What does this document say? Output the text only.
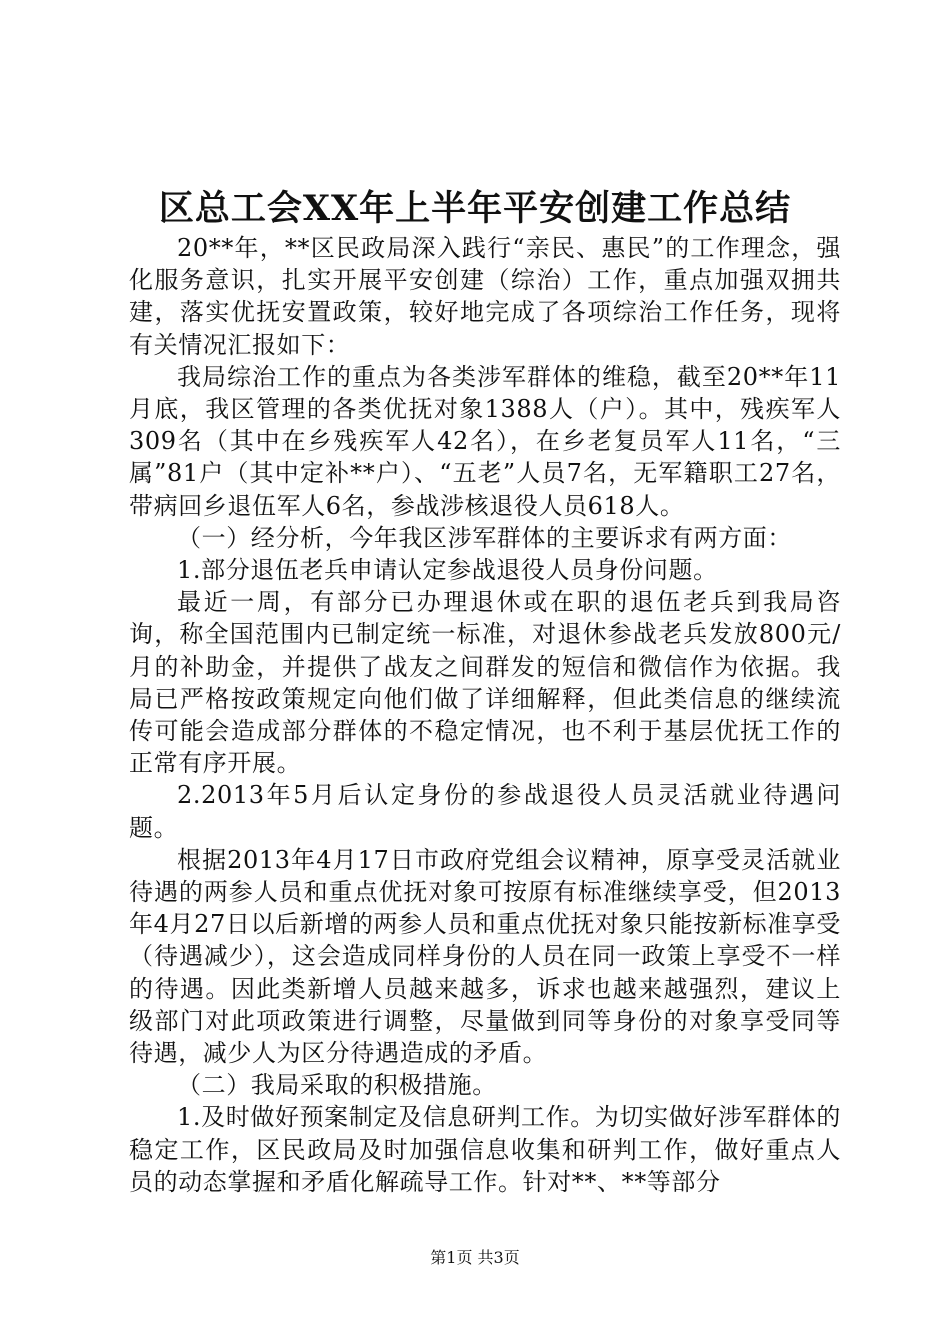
区总工会XX年上半年平安创建工作总结

20**年，**区民政局深入践行“亲民、惠民”的工作理念，强化服务意识，扎实开展平安创建（综治）工作，重点加强双拥共建，落实优抚安置政策，较好地完成了各项综治工作任务，现将有关情况汇报如下：

我局综治工作的重点为各类涉军群体的维稳，截至20**年11月底，我区管理的各类优抚对象1388人（户）。其中，残疾军人309名（其中在乡残疾军人42名），在乡老复员军人11名，“三属”81户（其中定补**户）、“五老”人员7名，无军籍职工27名，带病回乡退伍军人6名，参战涉核退役人员618人。

（一）经分析，今年我区涉军群体的主要诉求有两方面：

1.部分退伍老兵申请认定参战退役人员身份问题。

最近一周，有部分已办理退休或在职的退伍老兵到我局咨询，称全国范围内已制定统一标准，对退休参战老兵发放800元/月的补助金，并提供了战友之间群发的短信和微信作为依据。我局已严格按政策规定向他们做了详细解释，但此类信息的继续流传可能会造成部分群体的不稳定情况，也不利于基层优抚工作的正常有序开展。

2.2013年5月后认定身份的参战退役人员灵活就业待遇问题。

根据2013年4月17日市政府党组会议精神，原享受灵活就业待遇的两参人员和重点优抚对象可按原有标准继续享受，但2013年4月27日以后新增的两参人员和重点优抚对象只能按新标准享受（待遇减少），这会造成同样身份的人员在同一政策上享受不一样的待遇。因此类新增人员越来越多，诉求也越来越强烈，建议上级部门对此项政策进行调整，尽量做到同等身份的对象享受同等待遇，减少人为区分待遇造成的矛盾。

（二）我局采取的积极措施。

1.及时做好预案制定及信息研判工作。为切实做好涉军群体的稳定工作，区民政局及时加强信息收集和研判工作，做好重点人员的动态掌握和矛盾化解疏导工作。针对**、**等部分

第1页 共3页
